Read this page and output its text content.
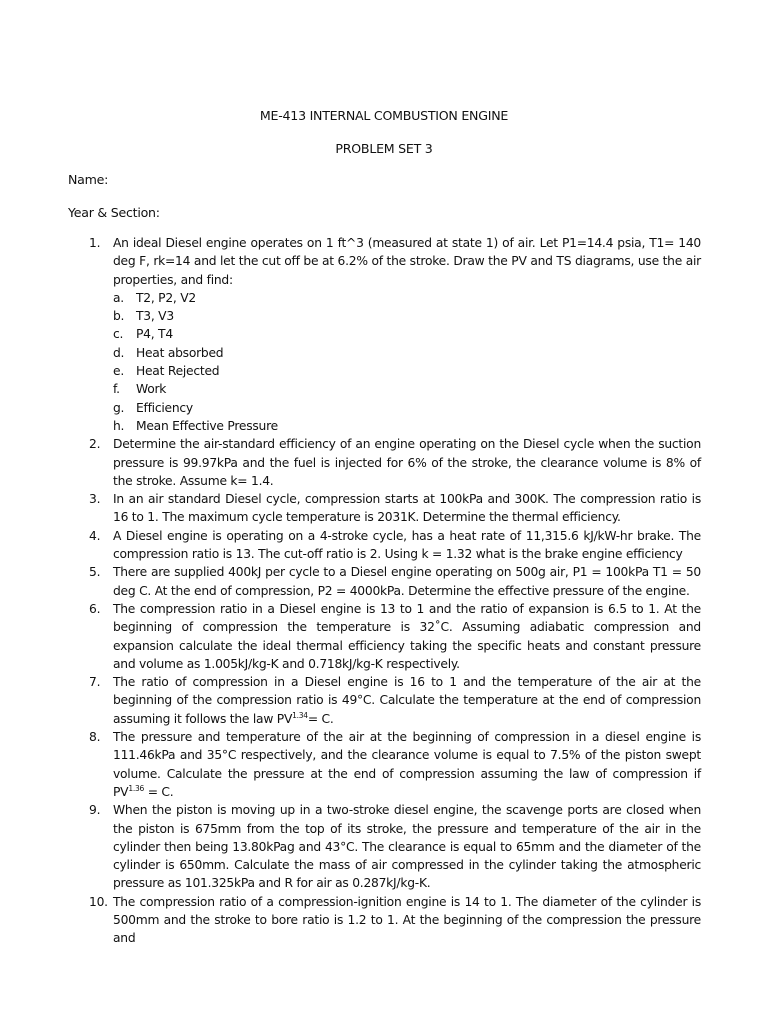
ME-413 INTERNAL COMBUSTION ENGINE
PROBLEM SET 3
Name:
Year & Section:
1. An ideal Diesel engine operates on 1 ft^3 (measured at state 1) of air. Let P1=14.4 psia, T1= 140 deg F, rk=14 and let the cut off be at 6.2% of the stroke. Draw the PV and TS diagrams, use the air properties, and find:
a. T2, P2, V2
b. T3, V3
c. P4, T4
d. Heat absorbed
e. Heat Rejected
f. Work
g. Efficiency
h. Mean Effective Pressure
2. Determine the air-standard efficiency of an engine operating on the Diesel cycle when the suction pressure is 99.97kPa and the fuel is injected for 6% of the stroke, the clearance volume is 8% of the stroke. Assume k= 1.4.
3. In an air standard Diesel cycle, compression starts at 100kPa and 300K. The compression ratio is 16 to 1. The maximum cycle temperature is 2031K. Determine the thermal efficiency.
4. A Diesel engine is operating on a 4-stroke cycle, has a heat rate of 11,315.6 kJ/kW-hr brake. The compression ratio is 13. The cut-off ratio is 2. Using k = 1.32 what is the brake engine efficiency
5. There are supplied 400kJ per cycle to a Diesel engine operating on 500g air, P1 = 100kPa T1 = 50 deg C. At the end of compression, P2 = 4000kPa. Determine the effective pressure of the engine.
6. The compression ratio in a Diesel engine is 13 to 1 and the ratio of expansion is 6.5 to 1. At the beginning of compression the temperature is 32˚C. Assuming adiabatic compression and expansion calculate the ideal thermal efficiency taking the specific heats and constant pressure and volume as 1.005kJ/kg-K and 0.718kJ/kg-K respectively.
7. The ratio of compression in a Diesel engine is 16 to 1 and the temperature of the air at the beginning of the compression ratio is 49°C. Calculate the temperature at the end of compression assuming it follows the law $PV^{1.34}= C$.
8. The pressure and temperature of the air at the beginning of compression in a diesel engine is 111.46kPa and 35°C respectively, and the clearance volume is equal to 7.5% of the piston swept volume. Calculate the pressure at the end of compression assuming the law of compression if $PV^{1.36} = C$.
9. When the piston is moving up in a two-stroke diesel engine, the scavenge ports are closed when the piston is 675mm from the top of its stroke, the pressure and temperature of the air in the cylinder then being 13.80kPag and 43°C. The clearance is equal to 65mm and the diameter of the cylinder is 650mm. Calculate the mass of air compressed in the cylinder taking the atmospheric pressure as 101.325kPa and R for air as 0.287kJ/kg-K.
10. The compression ratio of a compression-ignition engine is 14 to 1. The diameter of the cylinder is 500mm and the stroke to bore ratio is 1.2 to 1. At the beginning of the compression the pressure and
